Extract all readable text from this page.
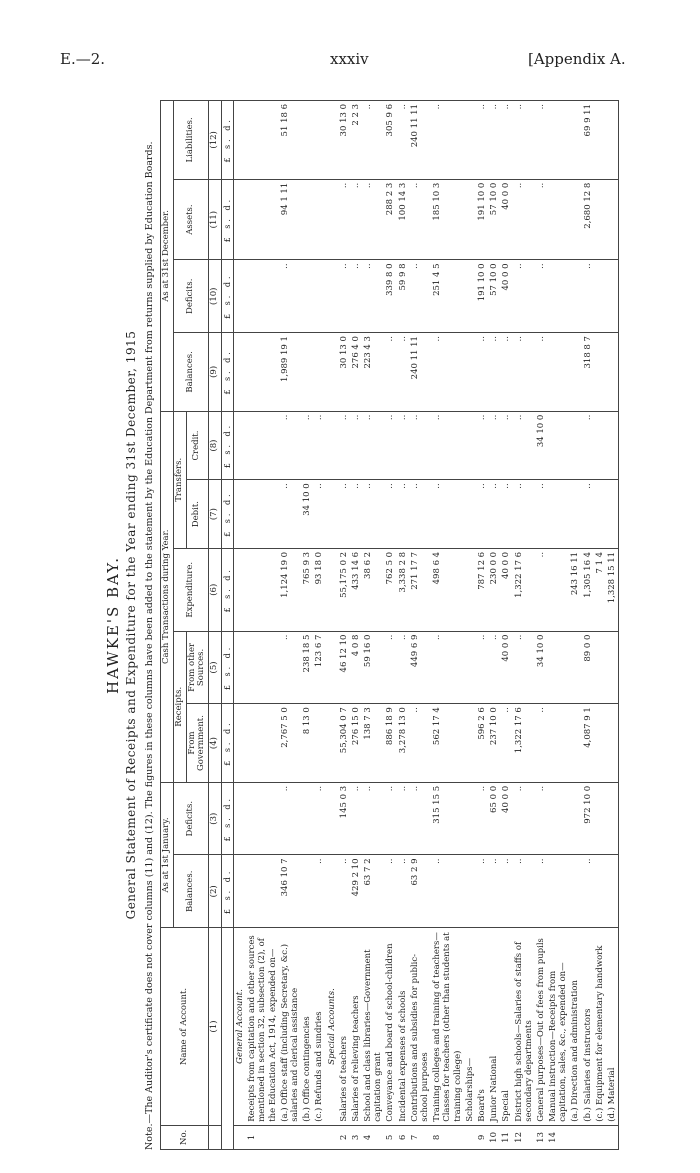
E.—2.	xxxiv	[Appendix A.
HAWKE'S BAY. General Statement of Receipts and Expenditure for the Year ending 31st December, 1915 Note.—The Auditor's certificate does not cover columns (11) and (12). The figures in these columns have been added to the statement by the Education Department from returns supplied by Education Boards.	No.	Name of Account.	As at 1st January.		Cash Transactions during Year.					As at 31st December.			
		Balances.	Deficits.	Receipts.		Expenditure.	Transfers.		Balances.	Deficits.	Assets.	Liabilities.
				From Government.	From other Sources.		Debit.	Credit.				
	(1)	(2)	(3)	(4)	(5)	(6)	(7)	(8)	(9)	(10)	(11)	(12)
		£ s. d.	£ s. d.	£ s. d.	£ s. d.	£ s. d.	£ s. d.	£ s. d.	£ s. d.	£ s. d.	£ s. d.	£ s. d.

	General Account.											

1	Receipts from capitation and other sources mentioned in section 32, subsection (2), of the Education Act, 1914, expended on—											
	(a.) Office staff (including Secretary, &c.) salaries and clerical assistance	346 10 7	..	2,767 5 0	..	1,124 19 0	..	..	1,989 19 1	..	94 1 11	51 18 6
	(b.) Office contingencies			8 13 0	238 18 5	765 9 3	34 10 0	..				
	(c.) Refunds and sundries	..	..		123 6 7	93 18 0	..	..				

	Special Accounts.											

2	Salaries of teachers	..	145 0 3	55,304 0 7	46 12 10	55,175 0 2	..	..	30 13 0	..	..	30 13 0
3	Salaries of relieving teachers	429 2 10	..	276 15 0	4 0 8	433 14 6	..	..	276 4 0	..	..	2 2 3
4	School and class libraries—Government capitation grant	63 7 2	..	138 7 3	59 16 0	38 6 2	..	..	223 4 3	..	..	..
5	Conveyance and board of school-children	..	..	886 18 9	..	762 5 0	..	..	..	339 8 0	288 2 3	305 9 6
6	Incidental expenses of schools	..	..	3,278 13 0	..	3,338 2 8	..	..	..	59 9 8	100 14 3	..
7	Contributions and subsidies for public-school purposes	63 2 9	..	..	449 6 9	271 17 7	..	..	240 11 11	..	..	240 11 11
8	Training colleges and training of teachers—Classes for teachers (other than students at training college)	..	315 15 5	562 17 4	..	498 6 4	..	..	..	251 4 5	185 10 3	..
	Scholarships—											
9	Board's	..	..	596 2 6	..	787 12 6	..	..	..	191 10 0	191 10 0	..
10	Junior National	..	65 0 0	237 10 0	..	230 0 0	..	..	..	57 10 0	57 10 0	..
11	Special	..	40 0 0	..	40 0 0	40 0 0	..	..	..	40 0 0	40 0 0	..
12	District high schools—Salaries of staffs of secondary departments	..	..	1,322 17 6	..	1,322 17 6	..	..	..	..	..	..
13	General purposes—Out of fees from pupils	..	..	..	34 10 0	..	..	34 10 0	..	..	..	..
14	Manual instruction—Receipts from capitation, sales, &c., expended on—											
	(a.) Direction and administration					243 16 11						
	(b.) Salaries of instructors	..	972 10 0	4,087 9 1	89 0 0	1,305 16 4	..	..	318 8 7	..	2,680 12 8	69 9 11
	(c.) Equipment for elementary handwork					7 1 4						
	(d.) Material					1,328 15 11						
